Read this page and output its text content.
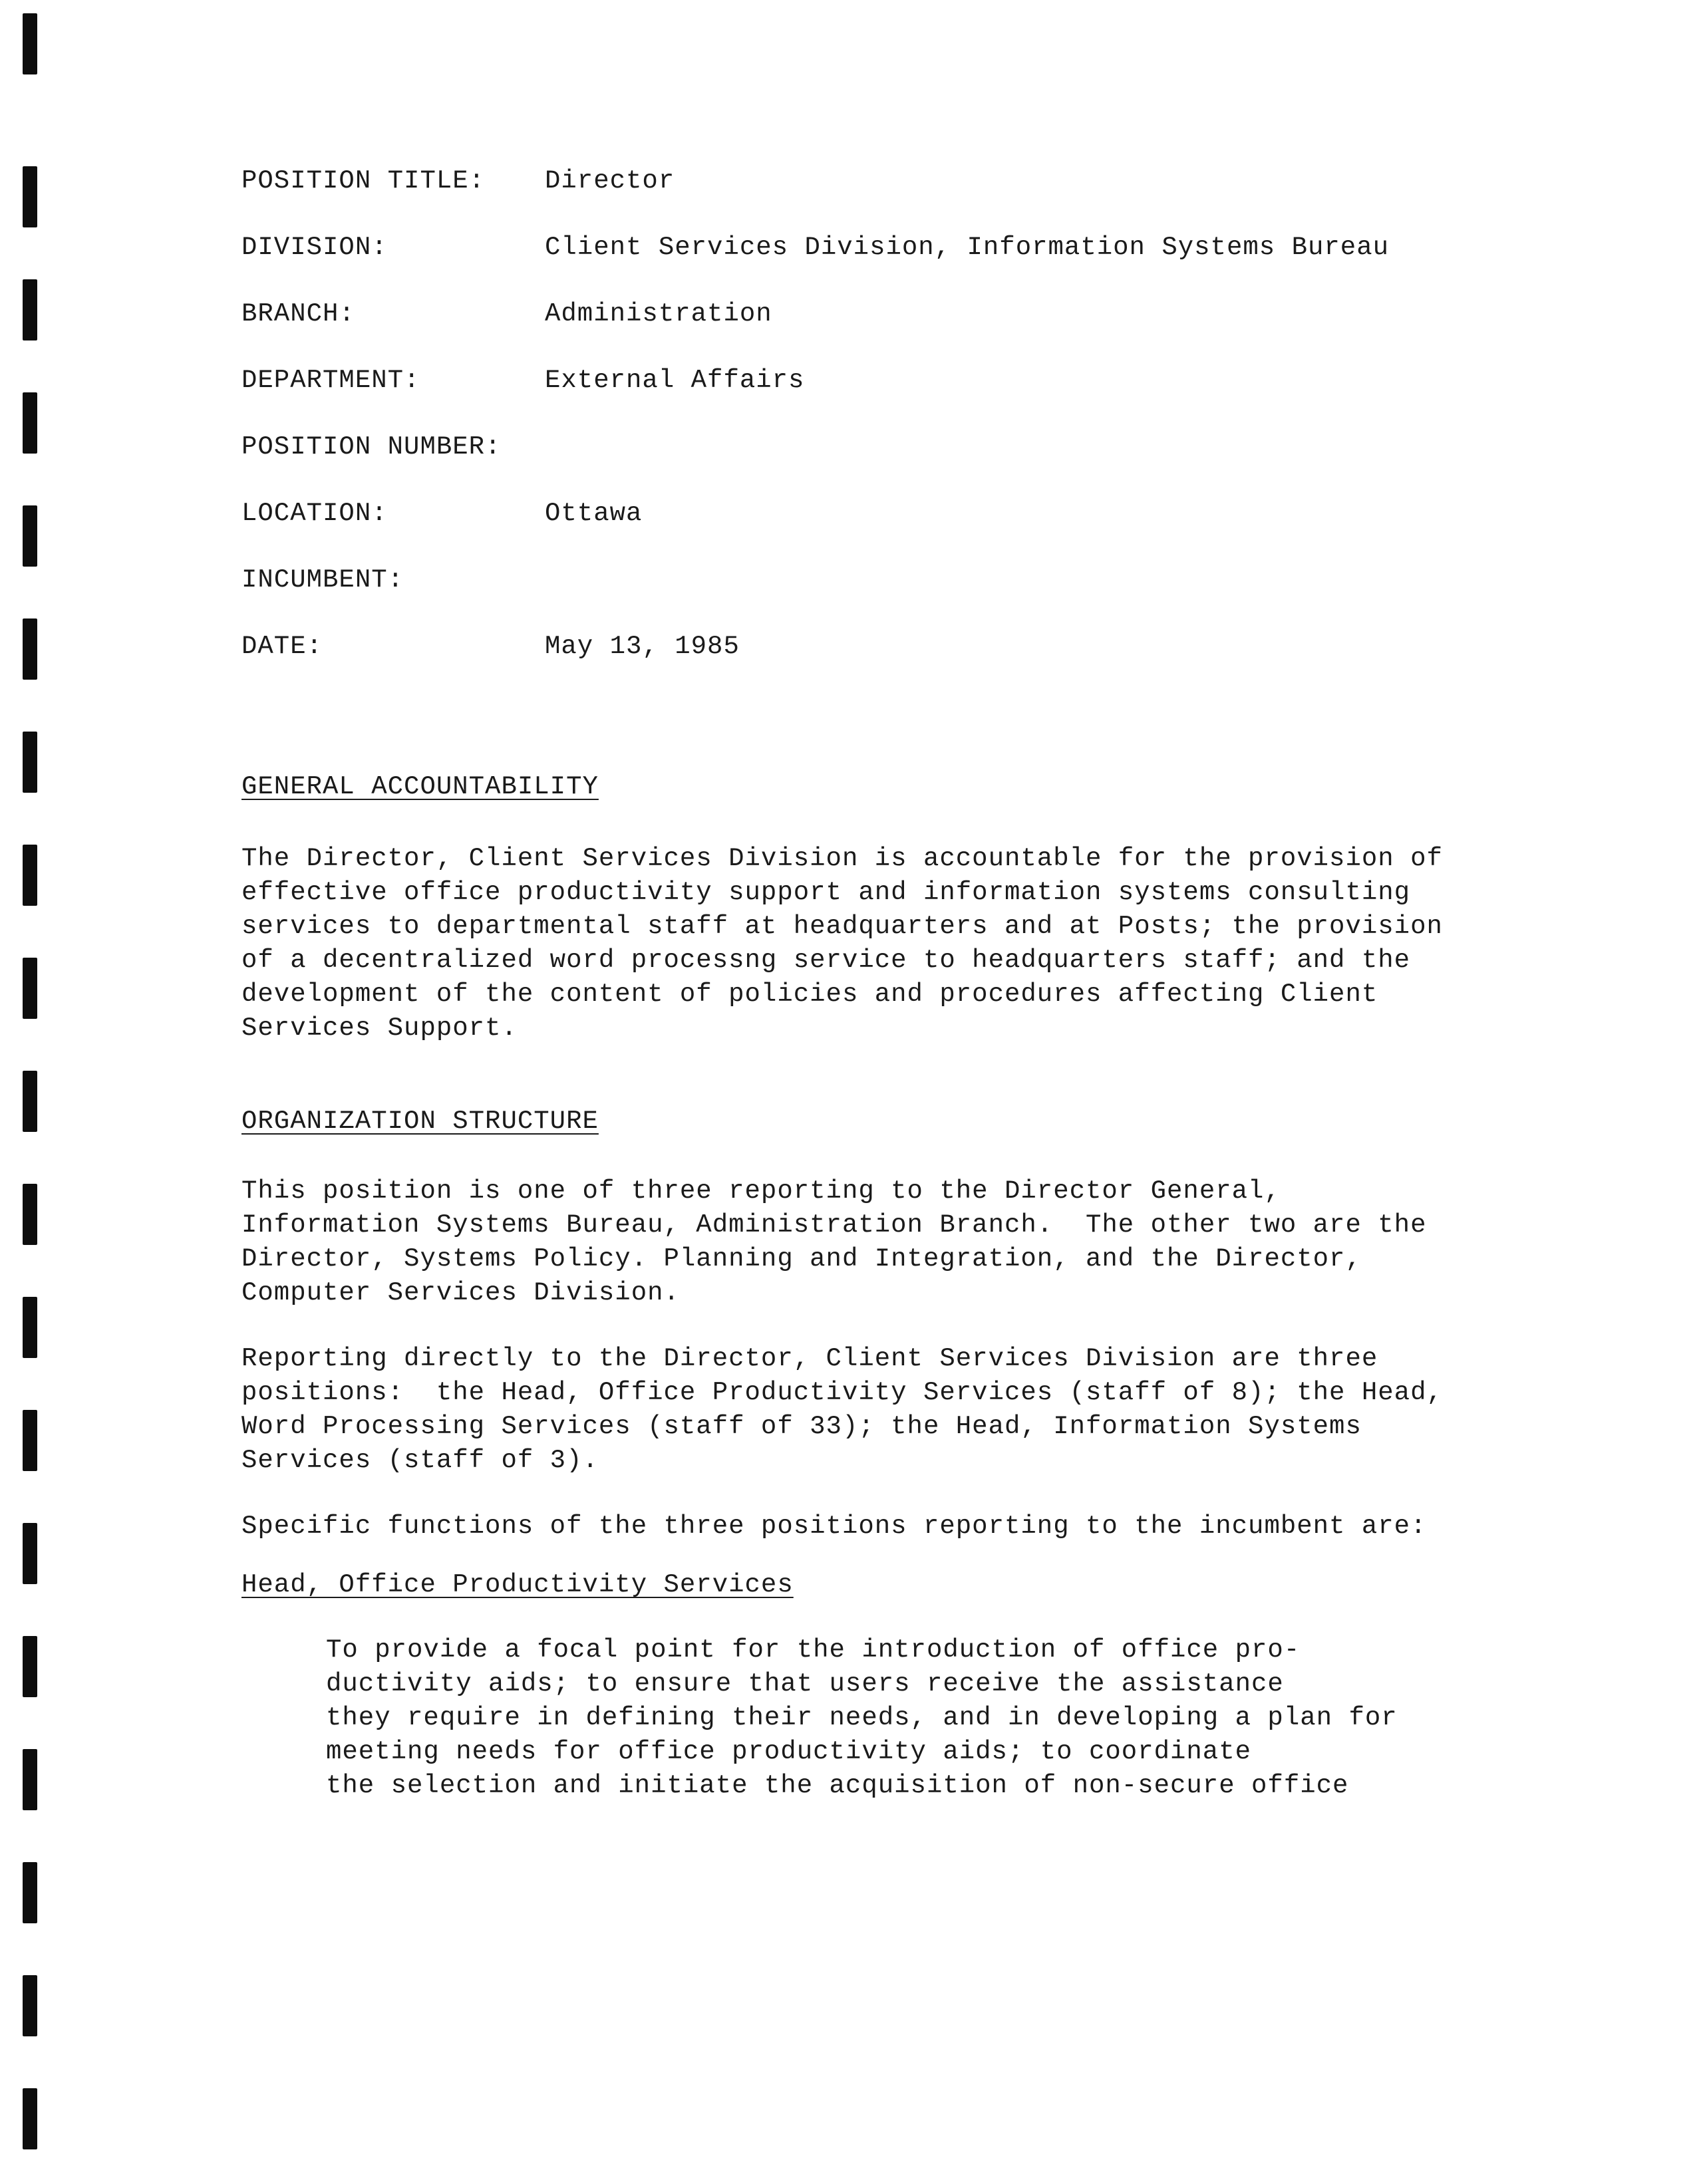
POSITION TITLE:	Director
DIVISION:	Client Services Division, Information Systems Bureau
BRANCH:	Administration
DEPARTMENT:	External Affairs
POSITION NUMBER:
LOCATION:	Ottawa
INCUMBENT:
DATE:	May 13, 1985
GENERAL ACCOUNTABILITY

The Director, Client Services Division is accountable for the provision of
effective office productivity support and information systems consulting
services to departmental staff at headquarters and at Posts; the provision
of a decentralized word processng service to headquarters staff; and the
development of the content of policies and procedures affecting Client
Services Support.

ORGANIZATION STRUCTURE

This position is one of three reporting to the Director General,
Information Systems Bureau, Administration Branch.  The other two are the
Director, Systems Policy. Planning and Integration, and the Director,
Computer Services Division.

Reporting directly to the Director, Client Services Division are three
positions:  the Head, Office Productivity Services (staff of 8); the Head,
Word Processing Services (staff of 33); the Head, Information Systems
Services (staff of 3).

Specific functions of the three positions reporting to the incumbent are:

Head, Office Productivity Services

To provide a focal point for the introduction of office pro-
ductivity aids; to ensure that users receive the assistance
they require in defining their needs, and in developing a plan for
meeting needs for office productivity aids; to coordinate
the selection and initiate the acquisition of non-secure office
